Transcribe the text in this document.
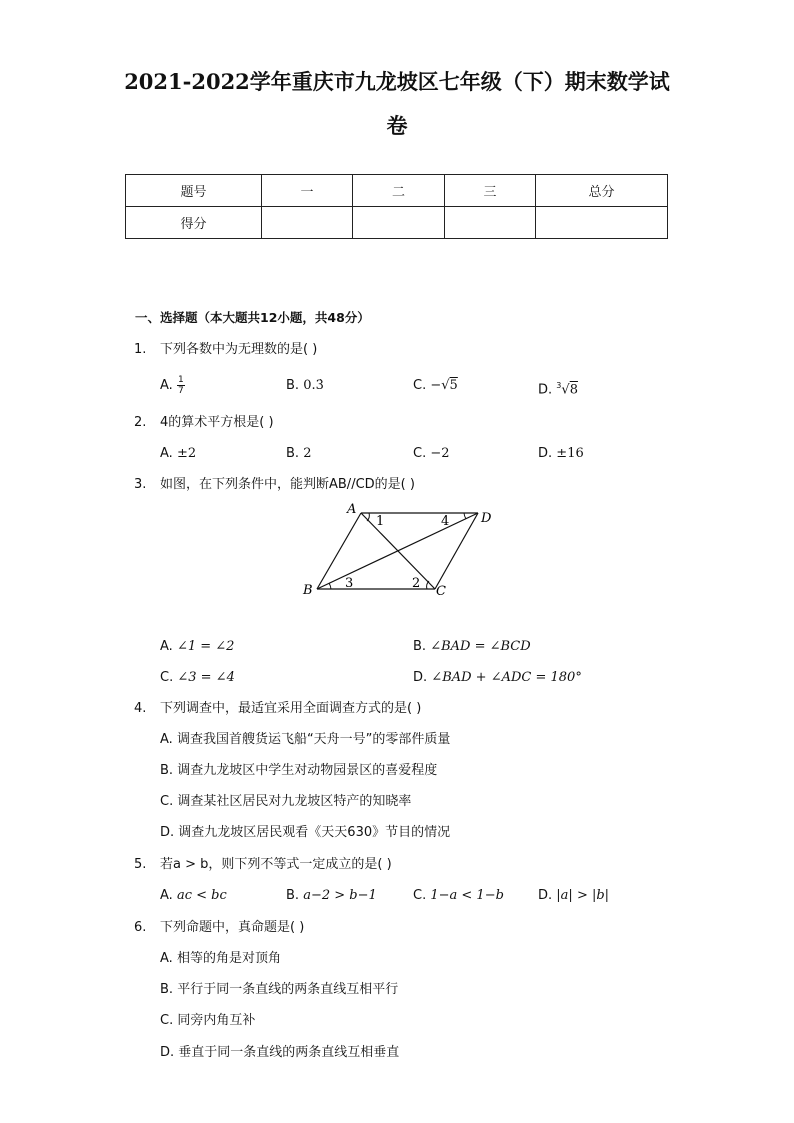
2021-2022学年重庆市九龙坡区七年级（下）期末数学试
卷
题号	一	二	三	总分
得分				
一、选择题（本大题共12小题，共48分）
1. 下列各数中为无理数的是( )
A. $\frac{1}{7}$	B. 0.3̇	C. −√5	D. $^3$√8
2. 4的算术平方根是( )
A. ±2	B. 2	C. −2	D. ±16
3. 如图，在下列条件中，能判断AB//CD的是( )
A
D
B	C
1
2
3
4
A. ∠1 = ∠2	B. ∠BAD = ∠BCD
C. ∠3 = ∠4	D. ∠BAD + ∠ADC = 180°
4. 下列调查中，最适宜采用全面调查方式的是( )
A. 调查我国首艘货运飞船“天舟一号”的零部件质量
B. 调查九龙坡区中学生对动物园景区的喜爱程度
C. 调查某社区居民对九龙坡区特产的知晓率
D. 调查九龙坡区居民观看《天天630》节目的情况
5. 若a > b，则下列不等式一定成立的是( )
A. ac < bc	B. a−2 > b−1	C. 1−a < 1−b	D. |a| > |b|
6. 下列命题中，真命题是( )
A. 相等的角是对顶角
B. 平行于同一条直线的两条直线互相平行
C. 同旁内角互补
D. 垂直于同一条直线的两条直线互相垂直
